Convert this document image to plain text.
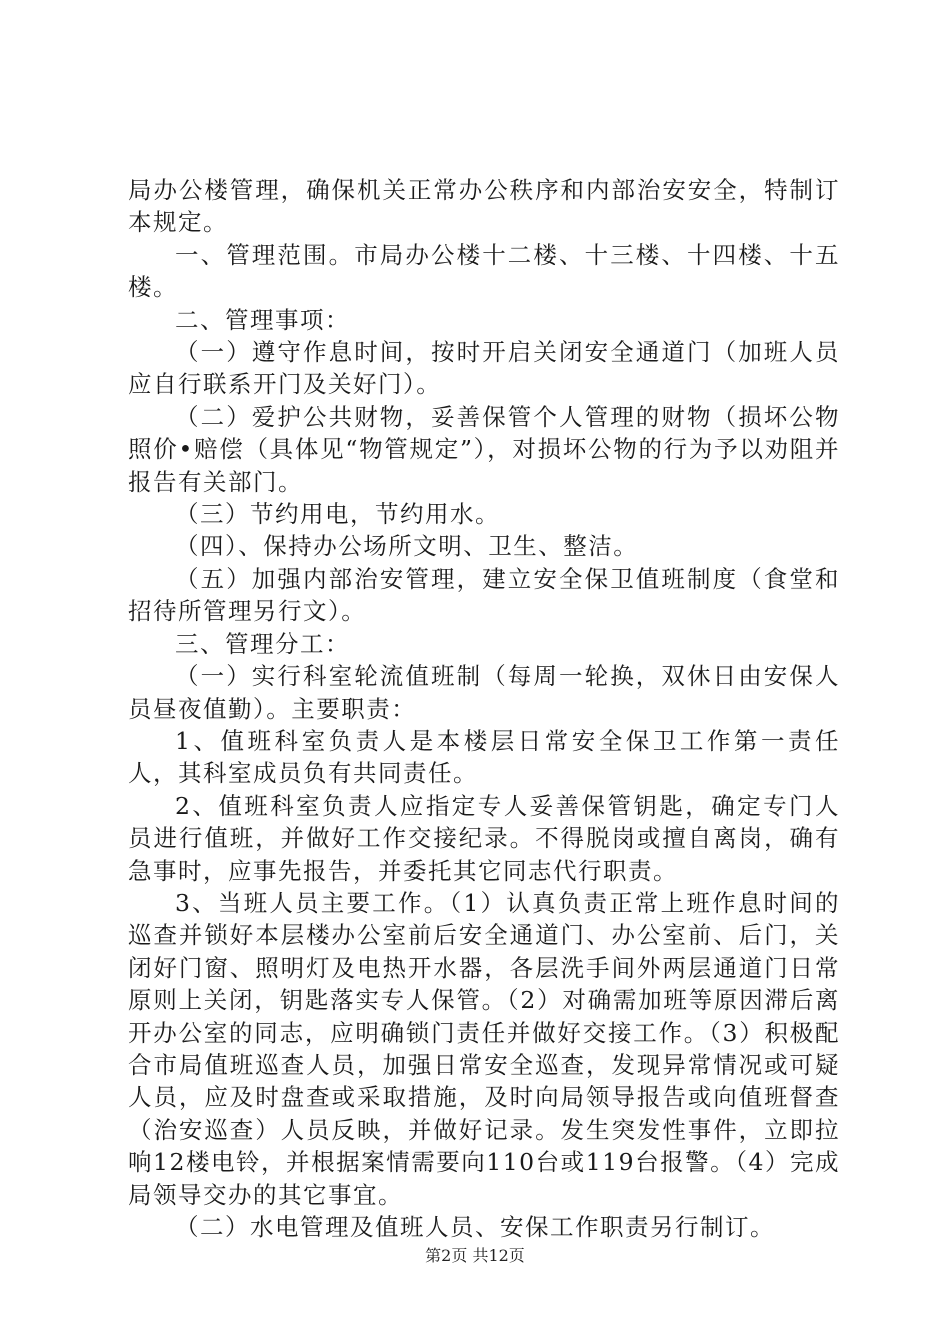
局办公楼管理，确保机关正常办公秩序和内部治安安全，特制订本规定。

一、管理范围。市局办公楼十二楼、十三楼、十四楼、十五楼。

二、管理事项：

（一）遵守作息时间，按时开启关闭安全通道门（加班人员应自行联系开门及关好门）。

（二）爱护公共财物，妥善保管个人管理的财物（损坏公物照价•赔偿（具体见“物管规定”），对损坏公物的行为予以劝阻并报告有关部门。

（三）节约用电，节约用水。

（四）、保持办公场所文明、卫生、整洁。

（五）加强内部治安管理，建立安全保卫值班制度（食堂和招待所管理另行文）。

三、管理分工：

（一）实行科室轮流值班制（每周一轮换，双休日由安保人员昼夜值勤）。主要职责：

1、值班科室负责人是本楼层日常安全保卫工作第一责任人，其科室成员负有共同责任。

2、值班科室负责人应指定专人妥善保管钥匙，确定专门人员进行值班，并做好工作交接纪录。不得脱岗或擅自离岗，确有急事时，应事先报告，并委托其它同志代行职责。

3、当班人员主要工作。（1）认真负责正常上班作息时间的巡查并锁好本层楼办公室前后安全通道门、办公室前、后门，关闭好门窗、照明灯及电热开水器，各层洗手间外两层通道门日常原则上关闭，钥匙落实专人保管。（2）对确需加班等原因滞后离开办公室的同志，应明确锁门责任并做好交接工作。（3）积极配合市局值班巡查人员，加强日常安全巡查，发现异常情况或可疑人员，应及时盘查或采取措施，及时向局领导报告或向值班督查（治安巡查）人员反映，并做好记录。发生突发性事件，立即拉响12楼电铃，并根据案情需要向110台或119台报警。（4）完成局领导交办的其它事宜。

（二）水电管理及值班人员、安保工作职责另行制订。

第2页 共12页
